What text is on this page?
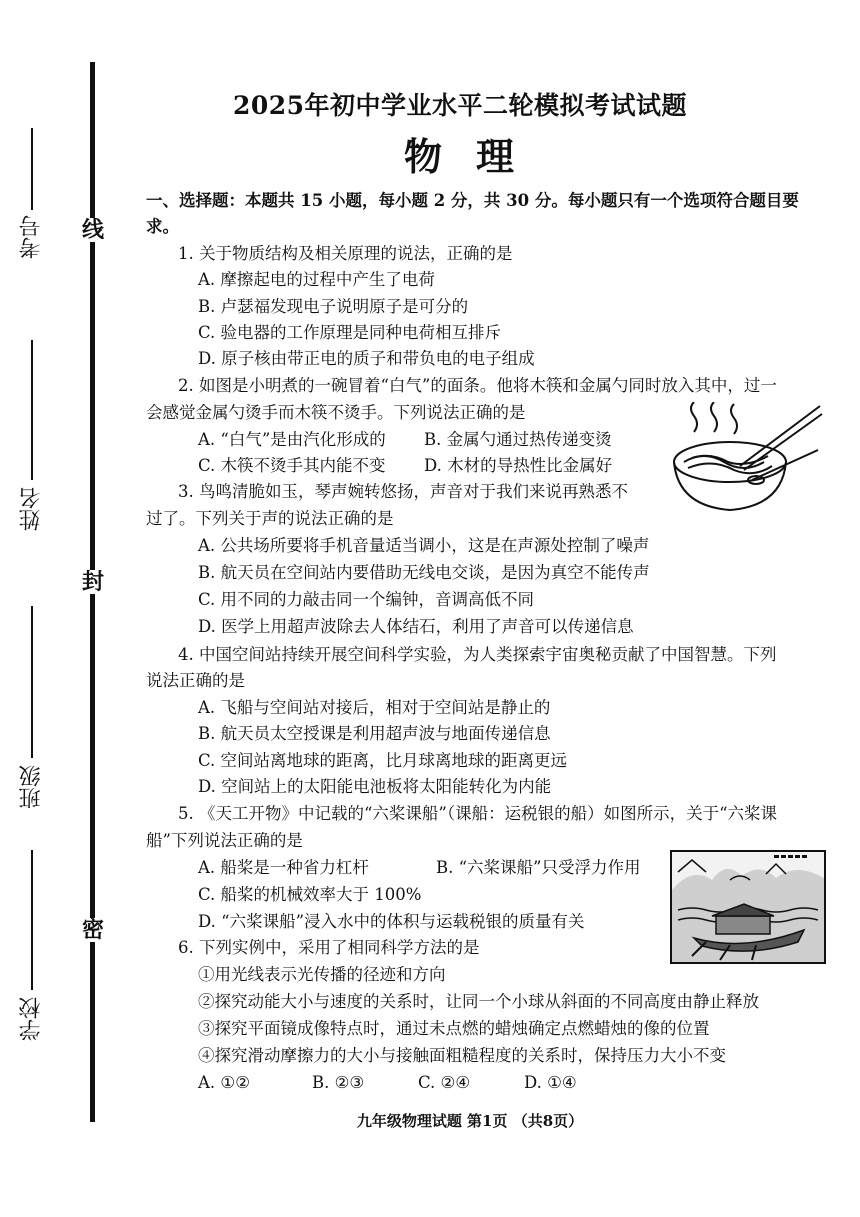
线
封
密
考号
姓名
班级
学校
2025年初中学业水平二轮模拟考试试题
物理
一、选择题：本题共 15 小题，每小题 2 分，共 30 分。每小题只有一个选项符合题目要
求。
1. 关于物质结构及相关原理的说法，正确的是
A. 摩擦起电的过程中产生了电荷
B. 卢瑟福发现电子说明原子是可分的
C. 验电器的工作原理是同种电荷相互排斥
D. 原子核由带正电的质子和带负电的电子组成
2. 如图是小明煮的一碗冒着“白气”的面条。他将木筷和金属勺同时放入其中，过一
会感觉金属勺烫手而木筷不烫手。下列说法正确的是
A. “白气”是由汽化形成的 B. 金属勺通过热传递变烫
C. 木筷不烫手其内能不变 D. 木材的导热性比金属好
3. 鸟鸣清脆如玉，琴声婉转悠扬，声音对于我们来说再熟悉不
过了。下列关于声的说法正确的是
A. 公共场所要将手机音量适当调小，这是在声源处控制了噪声
B. 航天员在空间站内要借助无线电交谈，是因为真空不能传声
C. 用不同的力敲击同一个编钟，音调高低不同
D. 医学上用超声波除去人体结石，利用了声音可以传递信息
4. 中国空间站持续开展空间科学实验，为人类探索宇宙奥秘贡献了中国智慧。下列
说法正确的是
A. 飞船与空间站对接后，相对于空间站是静止的
B. 航天员太空授课是利用超声波与地面传递信息
C. 空间站离地球的距离，比月球离地球的距离更远
D. 空间站上的太阳能电池板将太阳能转化为内能
5. 《天工开物》中记载的“六桨课船”（课船：运税银的船）如图所示，关于“六桨课
船”下列说法正确的是
A. 船桨是一种省力杠杆	B. “六桨课船”只受浮力作用
C. 船桨的机械效率大于 100%
D. “六桨课船”浸入水中的体积与运载税银的质量有关
6. 下列实例中，采用了相同科学方法的是
①用光线表示光传播的径迹和方向
②探究动能大小与速度的关系时，让同一个小球从斜面的不同高度由静止释放
③探究平面镜成像特点时，通过未点燃的蜡烛确定点燃蜡烛的像的位置
④探究滑动摩擦力的大小与接触面粗糙程度的关系时，保持压力大小不变
A. ①②	B. ②③	C. ②④	D. ①④
九年级物理试题 第1页 （共8页）
